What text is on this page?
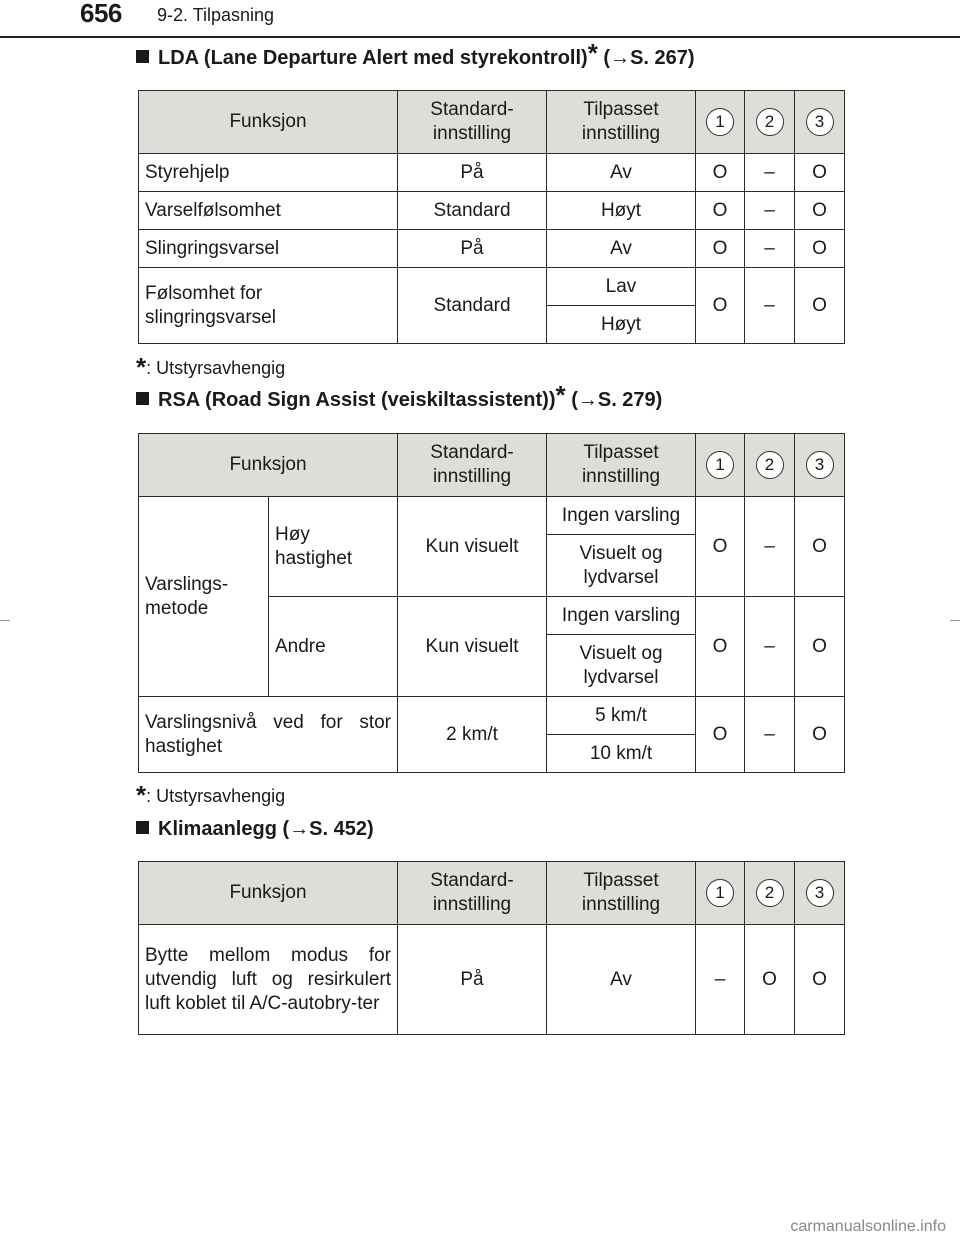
656 9-2. Tilpasning
LDA (Lane Departure Alert med styrekontroll)* (→S. 267)
Funksjon	Standard-innstilling	Tilpasset innstilling	1	2	3
Styrehjelp	På	Av	O	–	O
Varselfølsomhet	Standard	Høyt	O	–	O
Slingringsvarsel	På	Av	O	–	O
Følsomhet for slingringsvarsel	Standard	Lav	O	–	O
		Høyt			
*: Utstyrsavhengig
RSA (Road Sign Assist (veiskiltassistent))* (→S. 279)
Funksjon		Standard-innstilling	Tilpasset innstilling	1	2	3
Varslings-metode	Høy hastighet	Kun visuelt	Ingen varsling	O	–	O
			Visuelt og lydvarsel			
	Andre	Kun visuelt	Ingen varsling	O	–	O
			Visuelt og lydvarsel			
Varslingsnivå ved for stor hastighet		2 km/t	5 km/t	O	–	O
			10 km/t			
*: Utstyrsavhengig
Klimaanlegg (→S. 452)
Funksjon	Standard-innstilling	Tilpasset innstilling	1	2	3
Bytte mellom modus for utvendig luft og resirkulert luft koblet til A/C-autobry-ter	På	Av	–	O	O
carmanualsonline.info
